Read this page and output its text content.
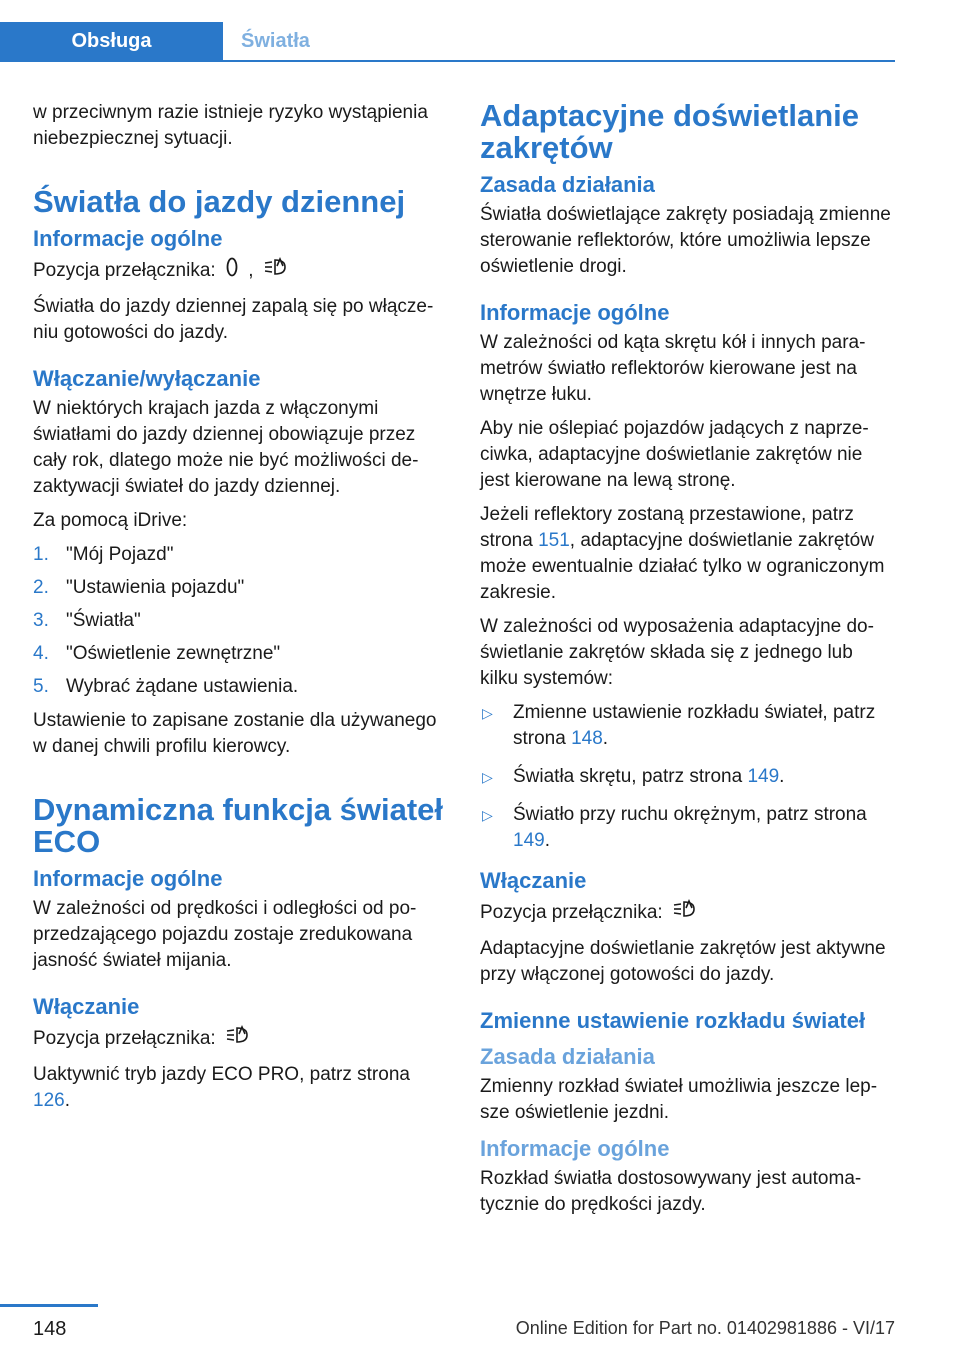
Obsługa	Światła

w przeciwnym razie istnieje ryzyko wystąpienia niebezpiecznej sytuacji.

Światła do jazdy dziennej
Informacje ogólne

Pozycja przełącznika: ,

Światła do jazdy dziennej zapalą się po włączeniu gotowości do jazdy.

Włączanie/wyłączanie

W niektórych krajach jazda z włączonymi światłami do jazdy dziennej obowiązuje przez cały rok, dlatego może nie być możliwości dezaktywacji świateł do jazdy dziennej.

Za pomocą iDrive:

1. "Mój Pojazd"
2. "Ustawienia pojazdu"
3. "Światła"
4. "Oświetlenie zewnętrzne"
5. Wybrać żądane ustawienia.

Ustawienie to zapisane zostanie dla używanego w danej chwili profilu kierowcy.

Dynamiczna funkcja świateł ECO
Informacje ogólne

W zależności od prędkości i odległości od poprzedzającego pojazdu zostaje zredukowana jasność świateł mijania.

Włączanie

Pozycja przełącznika:

Uaktywnić tryb jazdy ECO PRO, patrz strona 126.

Adaptacyjne doświetlanie zakrętów
Zasada działania

Światła doświetlające zakręty posiadają zmienne sterowanie reflektorów, które umożliwia lepsze oświetlenie drogi.

Informacje ogólne

W zależności od kąta skrętu kół i innych parametrów światło reflektorów kierowane jest na wnętrze łuku.

Aby nie oślepiać pojazdów jadących z naprzeciwka, adaptacyjne doświetlanie zakrętów nie jest kierowane na lewą stronę.

Jeżeli reflektory zostaną przestawione, patrz strona 151, adaptacyjne doświetlanie zakrętów może ewentualnie działać tylko w ograniczonym zakresie.

W zależności od wyposażenia adaptacyjne doświetlanie zakrętów składa się z jednego lub kilku systemów:

▷ Zmienne ustawienie rozkładu świateł, patrz strona 148.
▷ Światła skrętu, patrz strona 149.
▷ Światło przy ruchu okrężnym, patrz strona 149.
Włączanie

Pozycja przełącznika:

Adaptacyjne doświetlanie zakrętów jest aktywne przy włączonej gotowości do jazdy.

Zmienne ustawienie rozkładu świateł
Zasada działania

Zmienny rozkład świateł umożliwia jeszcze lepsze oświetlenie jezdni.

Informacje ogólne

Rozkład światła dostosowywany jest automatycznie do prędkości jazdy.

148	Online Edition for Part no. 01402981886 - VI/17
